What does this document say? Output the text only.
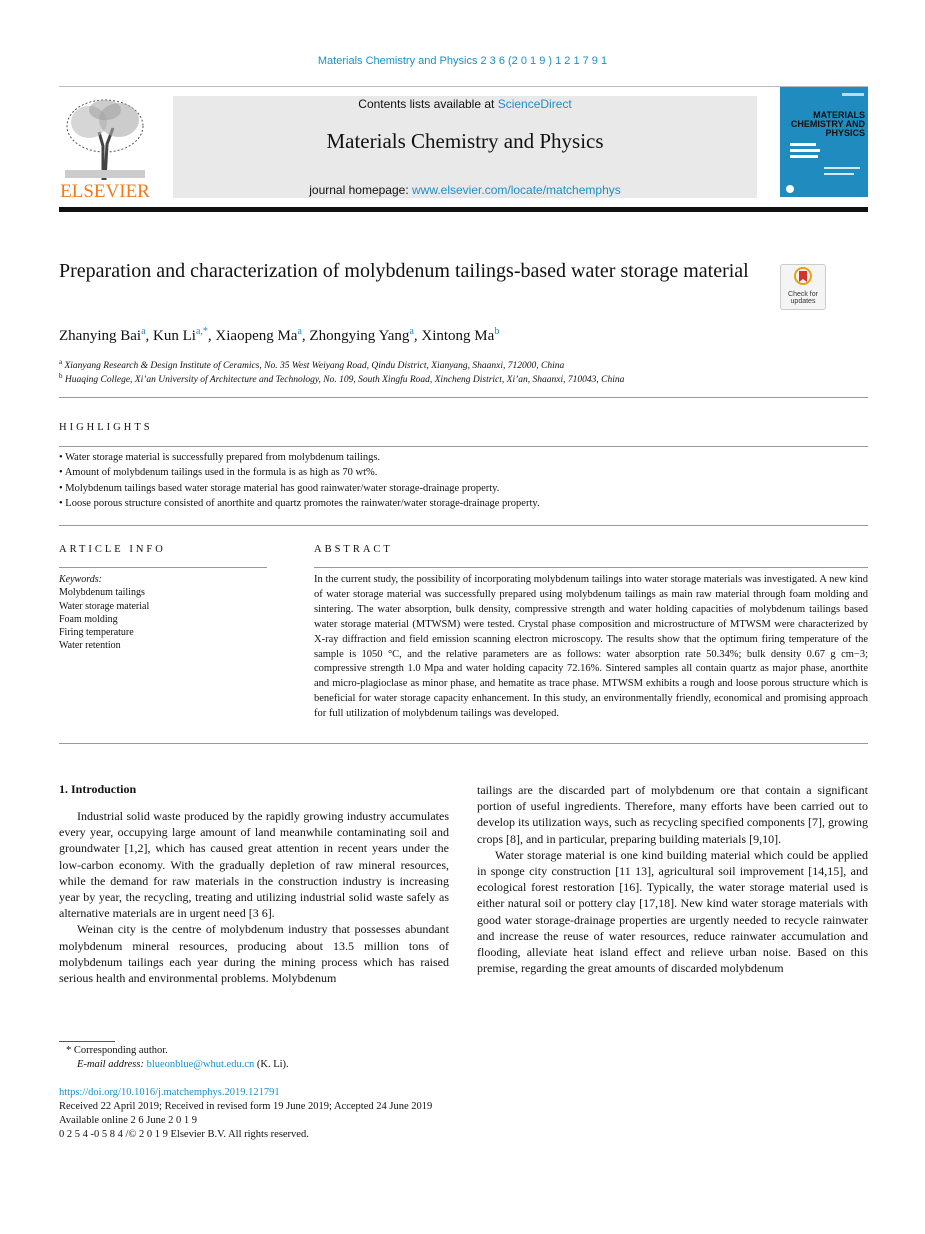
Materials Chemistry and Physics 2 3 6 (2 0 1 9 ) 1 2 1 7 9 1
ELSEVIER
Contents lists available at ScienceDirect
Materials Chemistry and Physics
journal homepage: www.elsevier.com/locate/matchemphys
MATERIALS CHEMISTRY AND PHYSICS
Preparation and characterization of molybdenum tailings-based water storage material
Check for updates
Zhanying Bai$^a$, Kun $Li^{a,*}$, Xiaopeng Ma$^a$, Zhongying Yang$^a$, Xintong Ma$^b$
$^a$ Xianyang Research & Design Institute of Ceramics, No. 35 West Weiyang Road, Qindu District, Xianyang, Shaanxi, 712000, China
$^b$ Huaqing College, Xi’an University of Architecture and Technology, No. 109, South Xingfu Road, Xincheng District, Xi’an, Shaanxi, 710043, China
HIGHLIGHTS
• Water storage material is successfully prepared from molybdenum tailings.
• Amount of molybdenum tailings used in the formula is as high as 70 wt%.
• Molybdenum tailings based water storage material has good rainwater/water storage-drainage property.
• Loose porous structure consisted of anorthite and quartz promotes the rainwater/water storage-drainage property.
ARTICLE INFO	ABSTRACT
Keywords:
Molybdenum tailings
Water storage material
Foam molding
Firing temperature
Water retention
In the current study, the possibility of incorporating molybdenum tailings into water storage materials was investigated. A new kind of water storage material was successfully prepared using molybdenum tailings as main raw material through foam molding and sintering. The water absorption, bulk density, compressive strength and water holding capacities of molybdenum tailings based water storage material (MTWSM) were tested. Crystal phase composition and microstructure of MTWSM were characterized by X-ray diffraction and field emission scanning electron microscopy. The results show that the optimum firing temperature of the sample is 1050 °C, and the relative parameters are as follows: water absorption rate 50.34%; bulk density 0.67 g cm−3; compressive strength 1.0 Mpa and water holding capacity 72.16%. Sintered samples all contain quartz as major phase, anorthite and micro-plagioclase as minor phase, and hematite as trace phase. MTWSM exhibits a rough and loose porous structure which is beneficial for water storage capacity enhancement. In this study, an environmentally friendly, economical and promising approach for full utilization of molybdenum tailings was developed.
1. Introduction

Industrial solid waste produced by the rapidly growing industry accumulates every year, occupying large amount of land meanwhile contaminating soil and groundwater [1,2], which has caused great attention in recent years under the low-carbon economy. With the gradually depletion of raw mineral resources, while the demand for raw materials in the construction industry is increasing year by year, the recycling, treating and utilizing industrial solid waste safely as alternative materials are in urgent need [3 6].

Weinan city is the centre of molybdenum industry that possesses abundant molybdenum mineral resources, producing about 13.5 million tons of molybdenum tailings each year during the mining process which has raised serious health and environmental problems. Molybdenum

tailings are the discarded part of molybdenum ore that contain a significant portion of useful ingredients. Therefore, many efforts have been carried out to develop its utilization ways, such as recycling specified components [7], growing crops [8], and in particular, preparing building materials [9,10].

Water storage material is one kind building material which could be applied in sponge city construction [11 13], agricultural soil improvement [14,15], and ecological forest restoration [16]. Typically, the water storage material used is either natural soil or pottery clay [17,18]. New kind water storage materials with good water storage-drainage properties are urgently needed to recycle rainwater and increase the reuse of water resources, reduce rainwater accumulation and flooding, alleviate heat island effect and relieve urban noise. Based on this premise, regarding the great amounts of discarded molybdenum

* Corresponding author.
E-mail address: blueonblue@whut.edu.cn (K. Li).
https://doi.org/10.1016/j.matchemphys.2019.121791
Received 22 April 2019; Received in revised form 19 June 2019; Accepted 24 June 2019
Available online 2 6 June 2 0 1 9
0 2 5 4 -0 5 8 4 /© 2 0 1 9 Elsevier B.V. All rights reserved.
